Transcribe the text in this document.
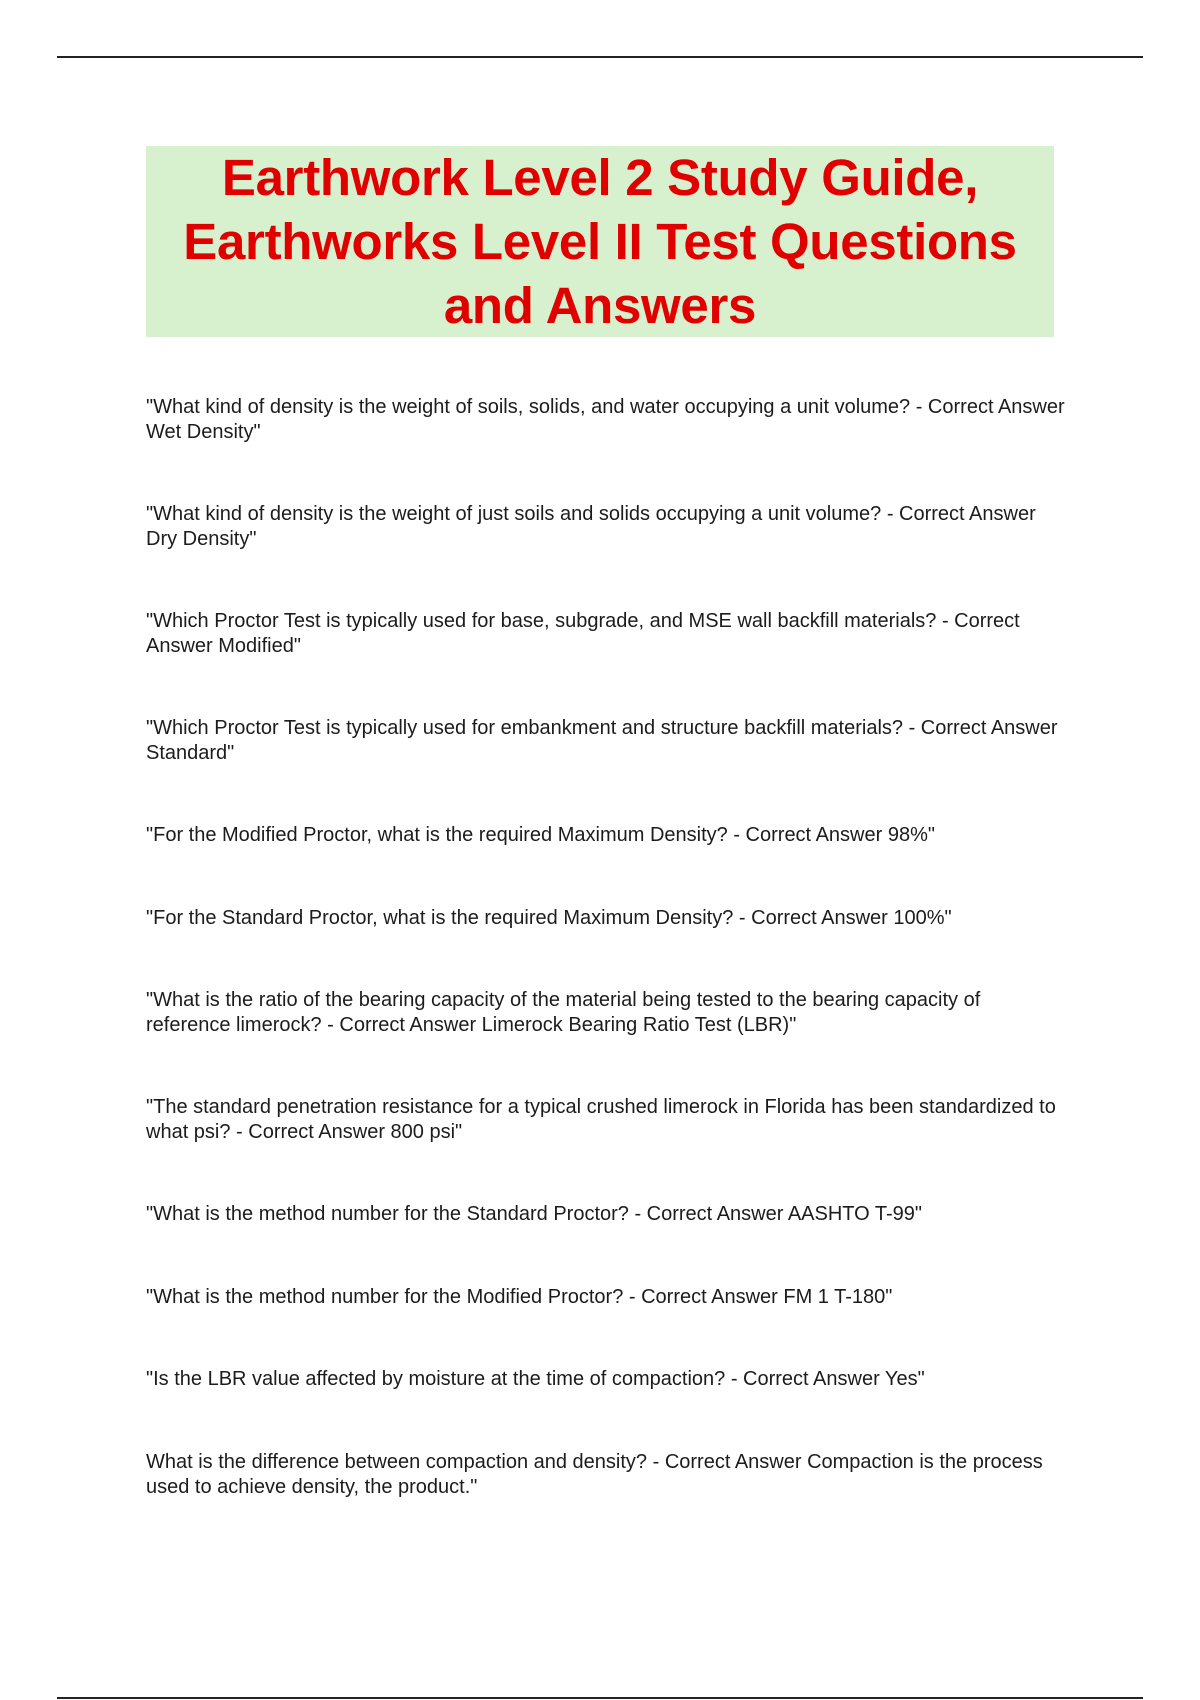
Earthwork Level 2 Study Guide,
Earthworks Level II Test Questions
and Answers

"What kind of density is the weight of soils, solids, and water occupying a unit volume? - Correct Answer Wet Density"

"What kind of density is the weight of just soils and solids occupying a unit volume? - Correct Answer Dry Density"

"Which Proctor Test is typically used for base, subgrade, and MSE wall backfill materials? - Correct Answer Modified"

"Which Proctor Test is typically used for embankment and structure backfill materials? - Correct Answer Standard"

"For the Modified Proctor, what is the required Maximum Density? - Correct Answer 98%"

"For the Standard Proctor, what is the required Maximum Density? - Correct Answer 100%"

"What is the ratio of the bearing capacity of the material being tested to the bearing capacity of reference limerock? - Correct Answer Limerock Bearing Ratio Test (LBR)"

"The standard penetration resistance for a typical crushed limerock in Florida has been standardized to what psi? - Correct Answer 800 psi"

"What is the method number for the Standard Proctor? - Correct Answer AASHTO T-99"

"What is the method number for the Modified Proctor? - Correct Answer FM 1 T-180"

"Is the LBR value affected by moisture at the time of compaction? - Correct Answer Yes"

What is the difference between compaction and density? - Correct Answer Compaction is the process used to achieve density, the product."
